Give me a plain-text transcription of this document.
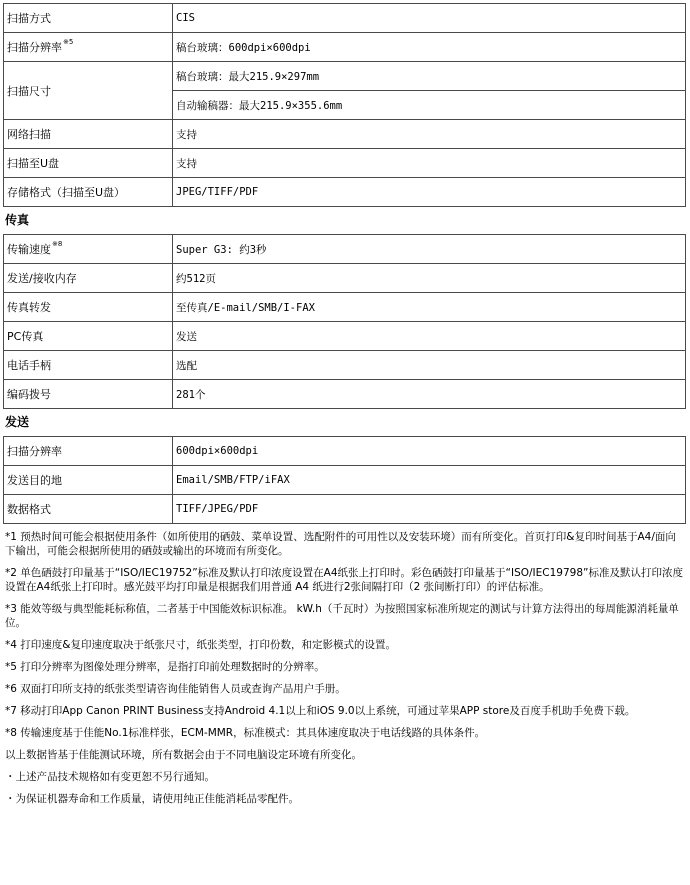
扫描方式	CIS
扫描分辨率$^{※5}$	稿台玻璃：600dpi×600dpi
扫描尺寸	稿台玻璃：最大215.9×297mm
	自动输稿器：最大215.9×355.6mm
网络扫描	支持
扫描至U盘	支持
存储格式（扫描至U盘）	JPEG/TIFF/PDF
传真
传输速度$^{※8}$	Super G3: 约3秒
发送/接收内存	约512页
传真转发	至传真/E-mail/SMB/I-FAX
PC传真	发送
电话手柄	选配
编码拨号	281个
发送
扫描分辨率	600dpi×600dpi
发送目的地	Email/SMB/FTP/iFAX
数据格式	TIFF/JPEG/PDF

*1 预热时间可能会根据使用条件（如所使用的硒鼓、菜单设置、选配附件的可用性以及安装环境）而有所变化。首页打印&复印时间基于A4/面向下输出，可能会根据所使用的硒鼓或输出的环境而有所变化。

*2 单色硒鼓打印量基于“ISO/IEC19752”标准及默认打印浓度设置在A4纸张上打印时。彩色硒鼓打印量基于“ISO/IEC19798”标准及默认打印浓度设置在A4纸张上打印时。感光鼓平均打印量是根据我们用普通 A4 纸进行2张间隔打印（2 张间断打印）的评估标准。

*3 能效等级与典型能耗标称值，二者基于中国能效标识标准。 kW.h（千瓦时）为按照国家标准所规定的测试与计算方法得出的每周能源消耗量单位。

*4 打印速度&复印速度取决于纸张尺寸，纸张类型，打印份数，和定影模式的设置。

*5 打印分辨率为图像处理分辨率，是指打印前处理数据时的分辨率。

*6 双面打印所支持的纸张类型请咨询佳能销售人员或查询产品用户手册。

*7 移动打印App Canon PRINT Business支持Android 4.1以上和iOS 9.0以上系统，可通过苹果APP store及百度手机助手免费下载。

*8 传输速度基于佳能No.1标准样张，ECM-MMR，标准模式：其具体速度取决于电话线路的具体条件。

以上数据皆基于佳能测试环境，所有数据会由于不同电脑设定环境有所变化。

・上述产品技术规格如有变更恕不另行通知。

・为保证机器寿命和工作质量，请使用纯正佳能消耗品零配件。
